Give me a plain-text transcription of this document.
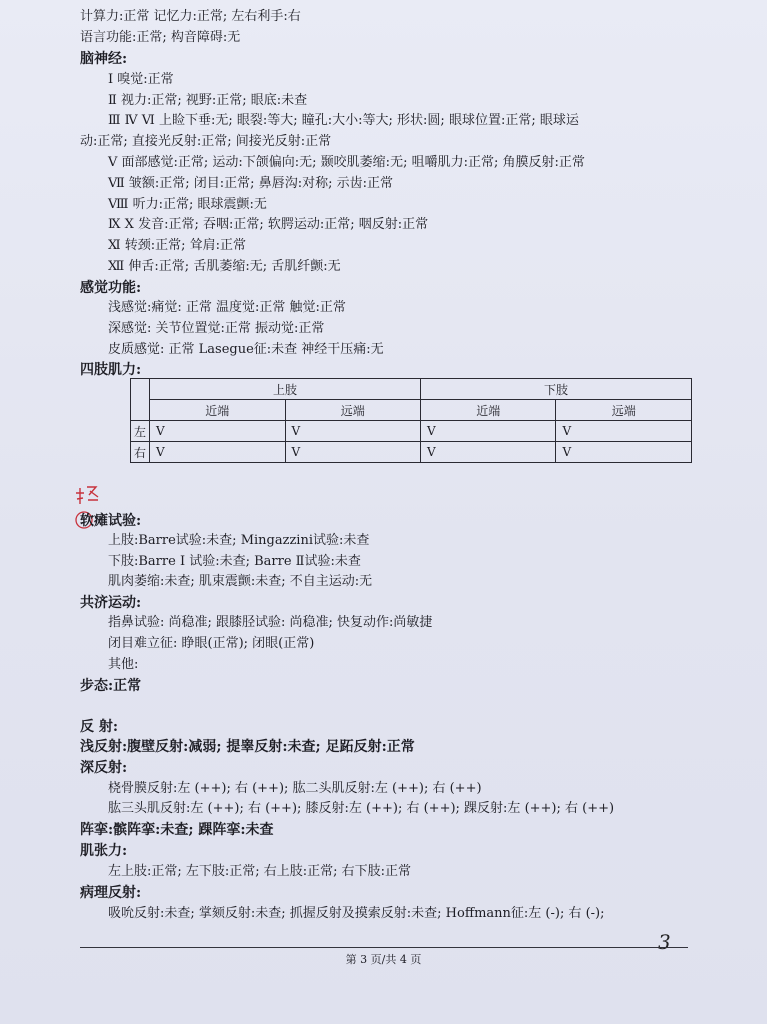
计算力:正常 记忆力:正常; 左右利手:右
语言功能:正常; 构音障碍:无
脑神经:
Ⅰ 嗅觉:正常
Ⅱ 视力:正常; 视野:正常; 眼底:未查
Ⅲ Ⅳ Ⅵ 上睑下垂:无; 眼裂:等大; 瞳孔:大小:等大; 形状:圆; 眼球位置:正常; 眼球运
动:正常; 直接光反射:正常; 间接光反射:正常
Ⅴ 面部感觉:正常; 运动:下颌偏向:无; 颞咬肌萎缩:无; 咀嚼肌力:正常; 角膜反射:正常
Ⅶ 皱额:正常; 闭目:正常; 鼻唇沟:对称; 示齿:正常
Ⅷ 听力:正常; 眼球震颤:无
Ⅸ Ⅹ 发音:正常; 吞咽:正常; 软腭运动:正常; 咽反射:正常
Ⅺ 转颈:正常; 耸肩:正常
Ⅻ 伸舌:正常; 舌肌萎缩:无; 舌肌纤颤:无
感觉功能:
浅感觉:痛觉: 正常 温度觉:正常 触觉:正常
深感觉: 关节位置觉:正常 振动觉:正常
皮质感觉: 正常 Lasegue征:未查 神经干压痛:无
四肢肌力:
	上肢		下肢	
	近端	远端	近端	远端
左	V	V	V	V
右	V	V	V	V
软瘫试验:
上肢:Barre试验:未查; Mingazzini试验:未查
下肢:Barre Ⅰ 试验:未查; Barre Ⅱ试验:未查
肌肉萎缩:未查; 肌束震颤:未查; 不自主运动:无
共济运动:
指鼻试验: 尚稳准; 跟膝胫试验: 尚稳准; 快复动作:尚敏捷
闭目难立征: 睁眼(正常); 闭眼(正常)
其他:
步态:正常
反 射:
浅反射:腹壁反射:减弱; 提睾反射:未查; 足跖反射:正常
深反射:
桡骨膜反射:左 (++); 右 (++); 肱二头肌反射:左 (++); 右 (++)
肱三头肌反射:左 (++); 右 (++); 膝反射:左 (++); 右 (++); 踝反射:左 (++); 右 (++)
阵挛:髌阵挛:未查; 踝阵挛:未查
肌张力:
左上肢:正常; 左下肢:正常; 右上肢:正常; 右下肢:正常
病理反射:
吸吮反射:未查; 掌颏反射:未查; 抓握反射及摸索反射:未查; Hoffmann征:左 (-); 右 (-);
3
第 3 页/共 4 页
